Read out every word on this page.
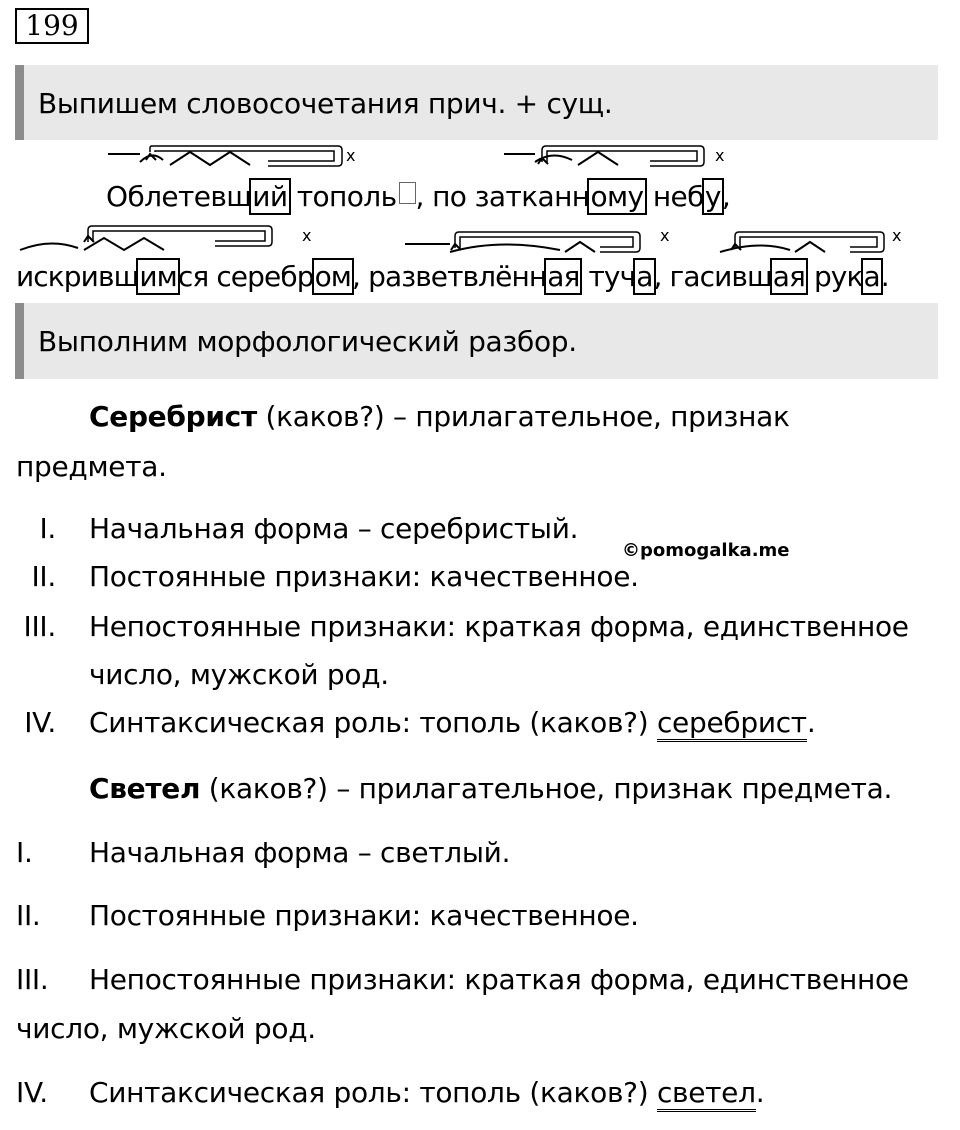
199
Выпишем словосочетания прич. + сущ.
x	x
x	x	x
Облетевший тополь , по затканному небу,
искрившимся серебром, разветвлённая туча, гасившая рука.
Выполним морфологический разбор.
Серебрист (каков?) – прилагательное, признак
предмета.
I. Начальная форма – серебристый.
©pomogalka.me
II. Постоянные признаки: качественное.
III. Непостоянные признаки: краткая форма, единственное
число, мужской род.
IV. Синтаксическая роль: тополь (каков?) серебрист.
Светел (каков?) – прилагательное, признак предмета.
I. Начальная форма – светлый.
II. Постоянные признаки: качественное.
III. Непостоянные признаки: краткая форма, единственное
число, мужской род.
IV. Синтаксическая роль: тополь (каков?) светел.
